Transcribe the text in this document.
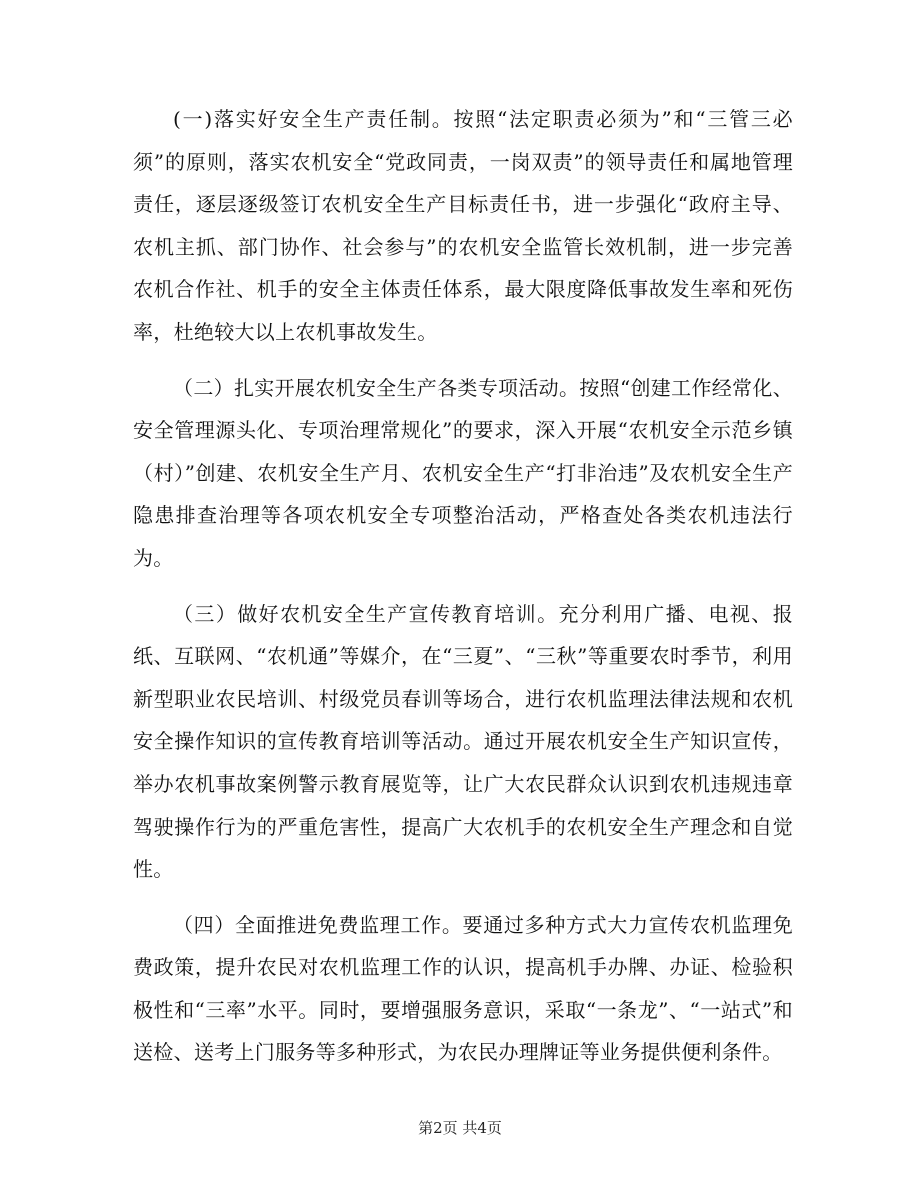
(一)落实好安全生产责任制。按照“法定职责必须为”和“三管三必须”的原则，落实农机安全“党政同责，一岗双责”的领导责任和属地管理责任，逐层逐级签订农机安全生产目标责任书，进一步强化“政府主导、农机主抓、部门协作、社会参与”的农机安全监管长效机制，进一步完善农机合作社、机手的安全主体责任体系，最大限度降低事故发生率和死伤率，杜绝较大以上农机事故发生。

（二）扎实开展农机安全生产各类专项活动。按照“创建工作经常化、安全管理源头化、专项治理常规化”的要求，深入开展“农机安全示范乡镇（村）”创建、农机安全生产月、农机安全生产“打非治违”及农机安全生产隐患排查治理等各项农机安全专项整治活动，严格查处各类农机违法行为。

（三）做好农机安全生产宣传教育培训。充分利用广播、电视、报纸、互联网、“农机通”等媒介，在“三夏”、“三秋”等重要农时季节，利用新型职业农民培训、村级党员春训等场合，进行农机监理法律法规和农机安全操作知识的宣传教育培训等活动。通过开展农机安全生产知识宣传，举办农机事故案例警示教育展览等，让广大农民群众认识到农机违规违章驾驶操作行为的严重危害性，提高广大农机手的农机安全生产理念和自觉性。

（四）全面推进免费监理工作。要通过多种方式大力宣传农机监理免费政策，提升农民对农机监理工作的认识，提高机手办牌、办证、检验积极性和“三率”水平。同时，要增强服务意识，采取“一条龙”、“一站式”和送检、送考上门服务等多种形式，为农民办理牌证等业务提供便利条件。

第2页 共4页
